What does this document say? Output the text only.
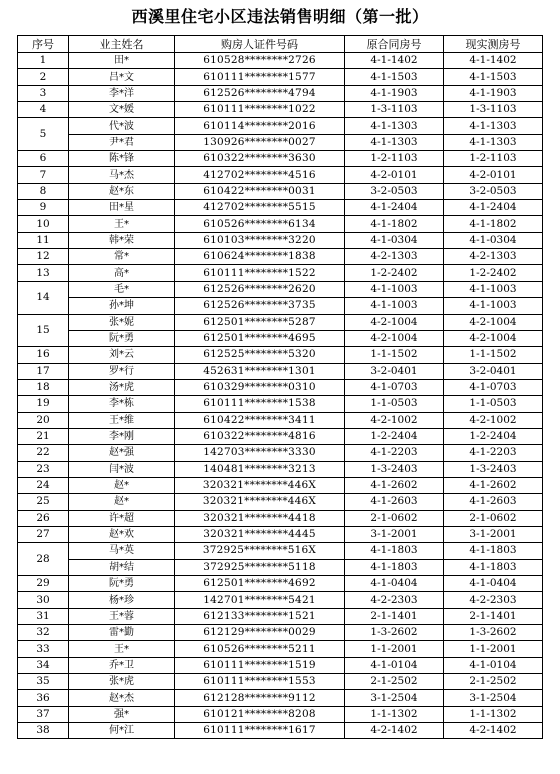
西溪里住宅小区违法销售明细（第一批）
序号	业主姓名	购房人证件号码	原合同房号	现实测房号
1	田*	610528********2726	4-1-1402	4-1-1402
2	吕*文	610111********1577	4-1-1503	4-1-1503
3	李*洋	612526********4794	4-1-1903	4-1-1903
4	文*媛	610111********1022	1-3-1103	1-3-1103
5	代*波	610114********2016	4-1-1303	4-1-1303
	尹*君	130926********0027	4-1-1303	4-1-1303
6	陈*锋	610322********3630	1-2-1103	1-2-1103
7	马*杰	412702********4516	4-2-0101	4-2-0101
8	赵*东	610422********0031	3-2-0503	3-2-0503
9	田*星	412702********5515	4-1-2404	4-1-2404
10	王*	610526********6134	4-1-1802	4-1-1802
11	韩*荣	610103********3220	4-1-0304	4-1-0304
12	常*	610624********1838	4-2-1303	4-2-1303
13	高*	610111********1522	1-2-2402	1-2-2402
14	毛*	612526********2620	4-1-1003	4-1-1003
	孙*坤	612526********3735	4-1-1003	4-1-1003
15	张*妮	612501********5287	4-2-1004	4-2-1004
	阮*勇	612501********4695	4-2-1004	4-2-1004
16	刘*云	612525********5320	1-1-1502	1-1-1502
17	罗*行	452631********1301	3-2-0401	3-2-0401
18	汤*虎	610329********0310	4-1-0703	4-1-0703
19	李*栋	610111********1538	1-1-0503	1-1-0503
20	王*维	610422********3411	4-2-1002	4-2-1002
21	李*刚	610322********4816	1-2-2404	1-2-2404
22	赵*强	142703********3330	4-1-2203	4-1-2203
23	闫*波	140481********3213	1-3-2403	1-3-2403
24	赵*	320321********446X	4-1-2602	4-1-2602
25	赵*	320321********446X	4-1-2603	4-1-2603
26	许*超	320321********4418	2-1-0602	2-1-0602
27	赵*欢	320321********4445	3-1-2001	3-1-2001
28	马*英	372925********516X	4-1-1803	4-1-1803
	胡*结	372925********5118	4-1-1803	4-1-1803
29	阮*勇	612501********4692	4-1-0404	4-1-0404
30	杨*珍	142701********5421	4-2-2303	4-2-2303
31	王*蓉	612133********1521	2-1-1401	2-1-1401
32	雷*勤	612129********0029	1-3-2602	1-3-2602
33	王*	610526********5211	1-1-2001	1-1-2001
34	乔*卫	610111********1519	4-1-0104	4-1-0104
35	张*虎	610111********1553	2-1-2502	2-1-2502
36	赵*杰	612128********9112	3-1-2504	3-1-2504
37	强*	610121********8208	1-1-1302	1-1-1302
38	何*江	610111********1617	4-2-1402	4-2-1402
